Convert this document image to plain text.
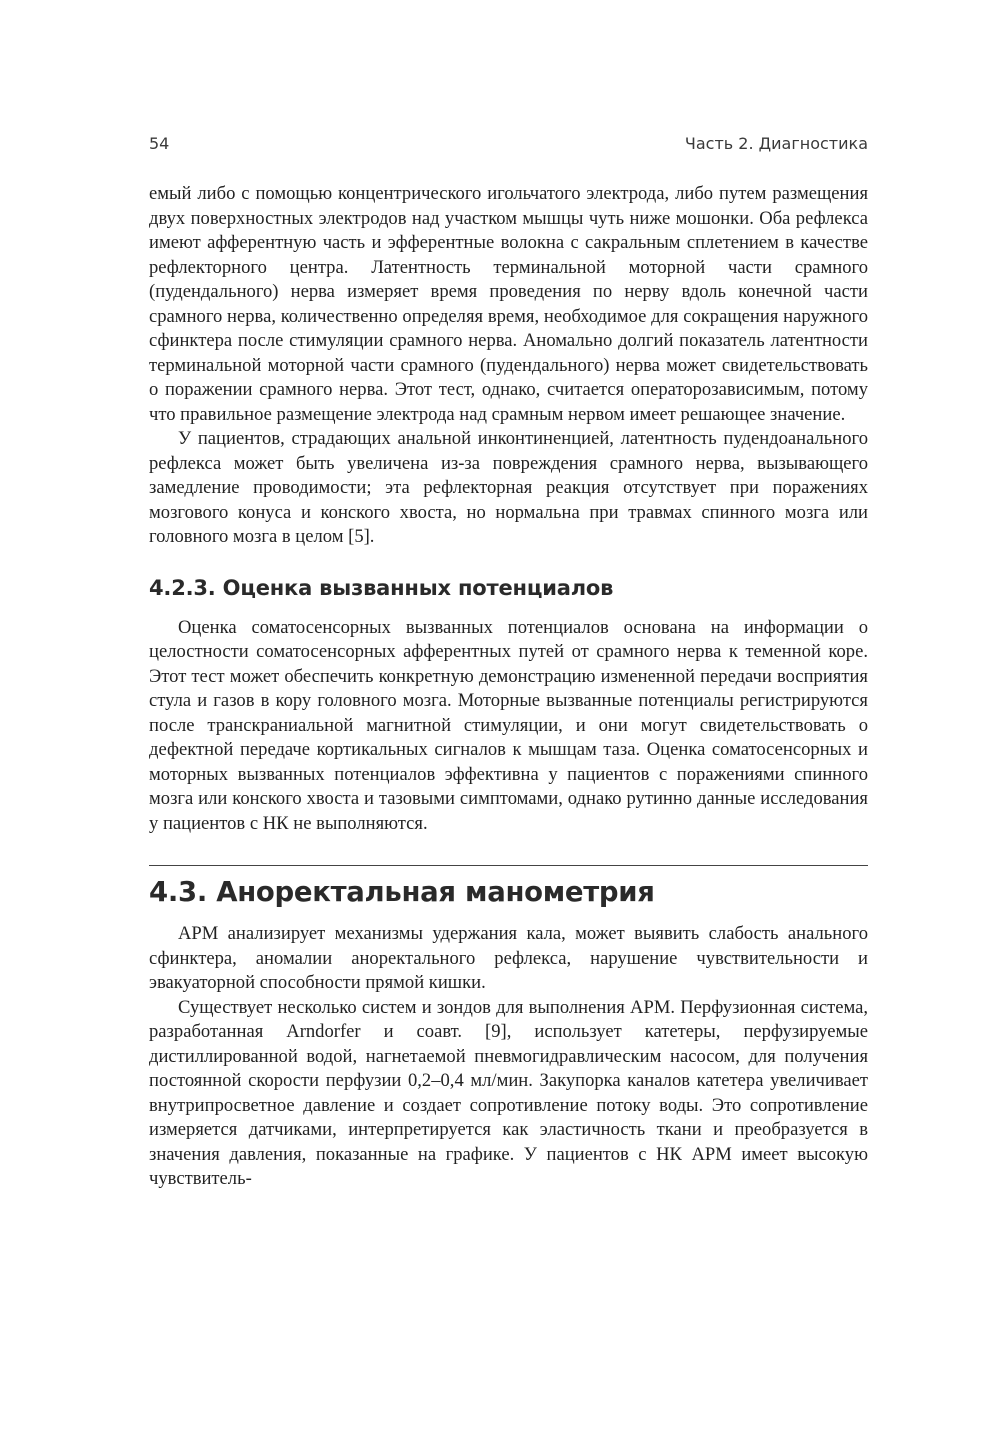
54	Часть 2. Диагностика

емый либо с помощью концентрического игольчатого электрода, либо путем размещения двух поверхностных электродов над участком мышцы чуть ниже мошонки. Оба рефлекса имеют афферентную часть и эфферентные волокна с сакральным сплетением в качестве рефлекторного центра. Латентность терминальной моторной части срамного (пудендального) нерва измеряет время проведения по нерву вдоль конечной части срамного нерва, количественно определяя время, необходимое для сокращения наружного сфинктера после стимуляции срамного нерва. Аномально долгий показатель латентности терминальной моторной части срамного (пудендального) нерва может свидетельствовать о поражении срамного нерва. Этот тест, однако, считается операторозависимым, потому что правильное размещение электрода над срамным нервом имеет решающее значение.

У пациентов, страдающих анальной инконтиненцией, латентность пудендоанального рефлекса может быть увеличена из-за повреждения срамного нерва, вызывающего замедление проводимости; эта рефлекторная реакция отсутствует при поражениях мозгового конуса и конского хвоста, но нормальна при травмах спинного мозга или головного мозга в целом [5].

4.2.3. Оценка вызванных потенциалов

Оценка соматосенсорных вызванных потенциалов основана на информации о целостности соматосенсорных афферентных путей от срамного нерва к теменной коре. Этот тест может обеспечить конкретную демонстрацию измененной передачи восприятия стула и газов в кору головного мозга. Моторные вызванные потенциалы регистрируются после транскраниальной магнитной стимуляции, и они могут свидетельствовать о дефектной передаче кортикальных сигналов к мышцам таза. Оценка соматосенсорных и моторных вызванных потенциалов эффективна у пациентов с поражениями спинного мозга или конского хвоста и тазовыми симптомами, однако рутинно данные исследования у пациентов с НК не выполняются.

4.3. Аноректальная манометрия

АРМ анализирует механизмы удержания кала, может выявить слабость анального сфинктера, аномалии аноректального рефлекса, нарушение чувствительности и эвакуаторной способности прямой кишки.

Существует несколько систем и зондов для выполнения АРМ. Перфузионная система, разработанная Arndorfer и соавт. [9], использует катетеры, перфузируемые дистиллированной водой, нагнетаемой пневмогидравлическим насосом, для получения постоянной скорости перфузии 0,2–0,4 мл/мин. Закупорка каналов катетера увеличивает внутрипросветное давление и создает сопротивление потоку воды. Это сопротивление измеряется датчиками, интерпретируется как эластичность ткани и преобразуется в значения давления, показанные на графике. У пациентов с НК АРМ имеет высокую чувствитель-
